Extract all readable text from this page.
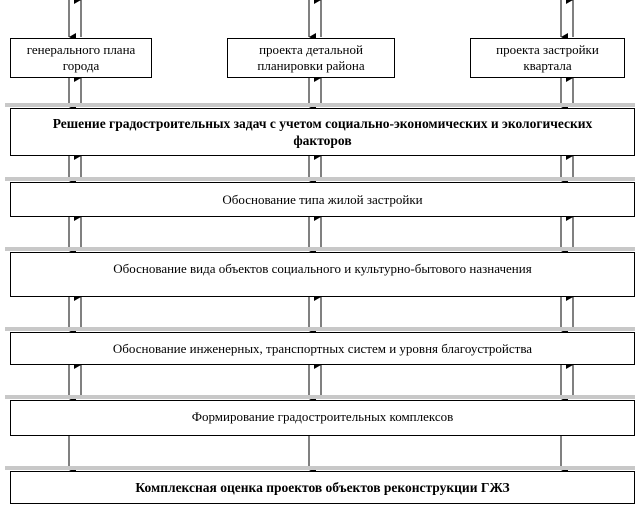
генерального плана города
проекта детальной планировки района
проекта застройки квартала
Решение градостроительных задач с учетом социально-экономических и экологических факторов
Обоснование типа жилой застройки
Обоснование вида объектов социального и культурно-бытового назначения
Обоснование инженерных, транспортных систем и уровня благоустройства
Формирование градостроительных комплексов
Комплексная оценка проектов объектов реконструкции ГЖЗ
